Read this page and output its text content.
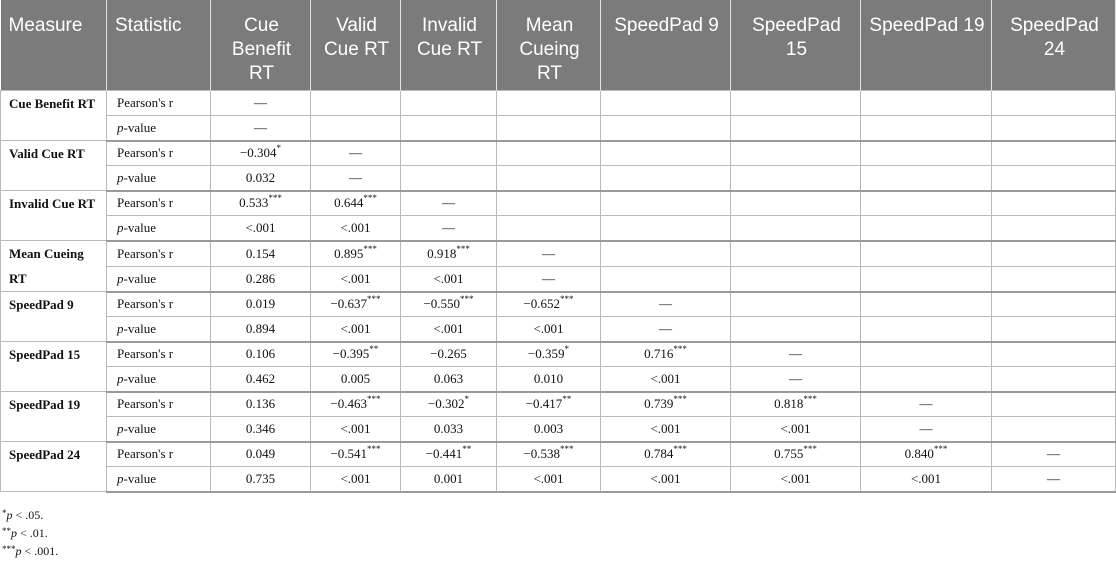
Measure	Statistic	Cue Benefit RT	Valid Cue RT	Invalid Cue RT	Mean Cueing RT	SpeedPad 9	SpeedPad 15	SpeedPad 19	SpeedPad 24
Cue Benefit RT	Pearson's r	—							
	p-value	—							
Valid Cue RT	Pearson's r	−0.304*	—						
	p-value	0.032	—						
Invalid Cue RT	Pearson's r	0.533***	0.644***	—					
	p-value	<.001	<.001	—					
Mean Cueing RT	Pearson's r	0.154	0.895***	0.918***	—				
	p-value	0.286	<.001	<.001	—				
SpeedPad 9	Pearson's r	0.019	−0.637***	−0.550***	−0.652***	—			
	p-value	0.894	<.001	<.001	<.001	—			
SpeedPad 15	Pearson's r	0.106	−0.395**	−0.265	−0.359*	0.716***	—		
	p-value	0.462	0.005	0.063	0.010	<.001	—		
SpeedPad 19	Pearson's r	0.136	−0.463***	−0.302*	−0.417**	0.739***	0.818***	—	
	p-value	0.346	<.001	0.033	0.003	<.001	<.001	—	
SpeedPad 24	Pearson's r	0.049	−0.541***	−0.441**	−0.538***	0.784***	0.755***	0.840***	—
	p-value	0.735	<.001	0.001	<.001	<.001	<.001	<.001	—

*p < .05.

**p < .01.

***p < .001.
